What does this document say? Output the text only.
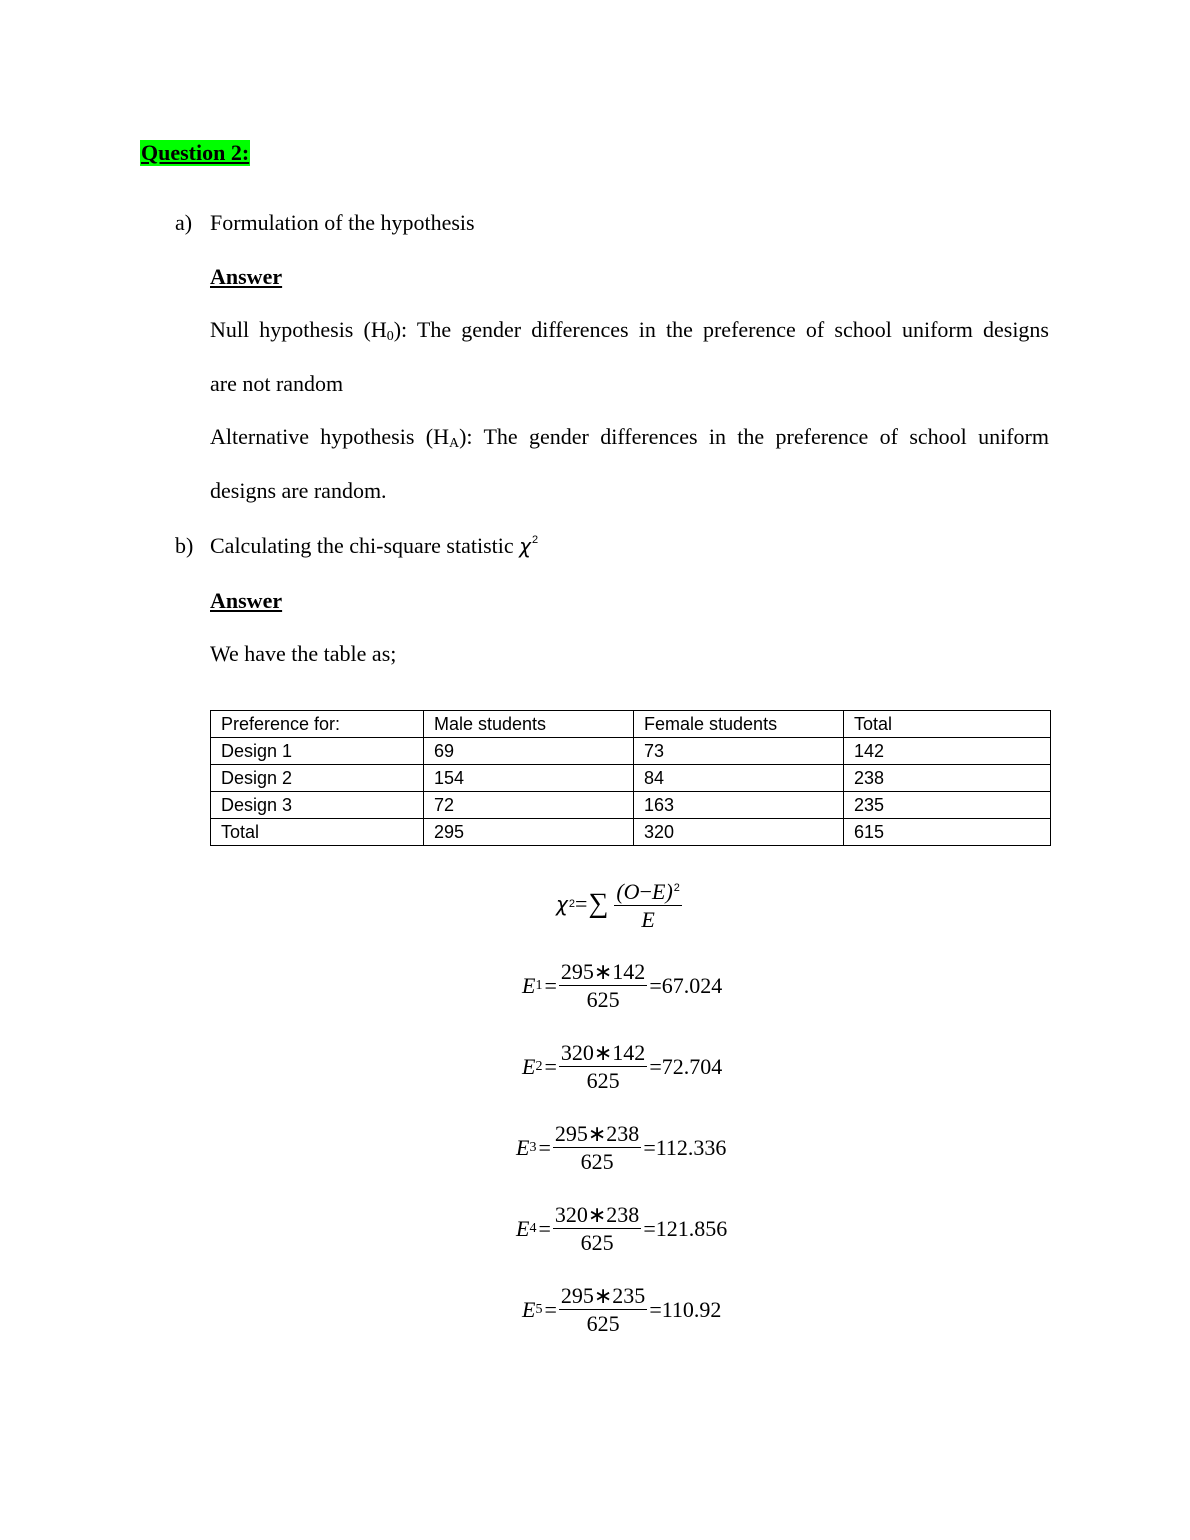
Question 2:
a) Formulation of the hypothesis
Answer
Null hypothesis $(H_0)$: The gender differences in the preference of school uniform designs
are not random
Alternative hypothesis $(H_A)$: The gender differences in the preference of school uniform
designs are random.
b) Calculating the chi-square statistic $\chi^2$
Answer
We have the table as;
Preference for:	Male students	Female students	Total
Design 1	69	73	142
Design 2	154	84	238
Design 3	72	163	235
Total	295	320	615
χ 2 = ∑ $\frac{(O-E)^2}{E}$
E $1 = \frac{295∗142}{625} =67.024$
E $2 = \frac{320∗142}{625} =72.704$
E $3 = \frac{295∗238}{625} =112.336$
E $4 = \frac{320∗238}{625} =121.856$
E $5 = \frac{295∗235}{625} =110.92$
